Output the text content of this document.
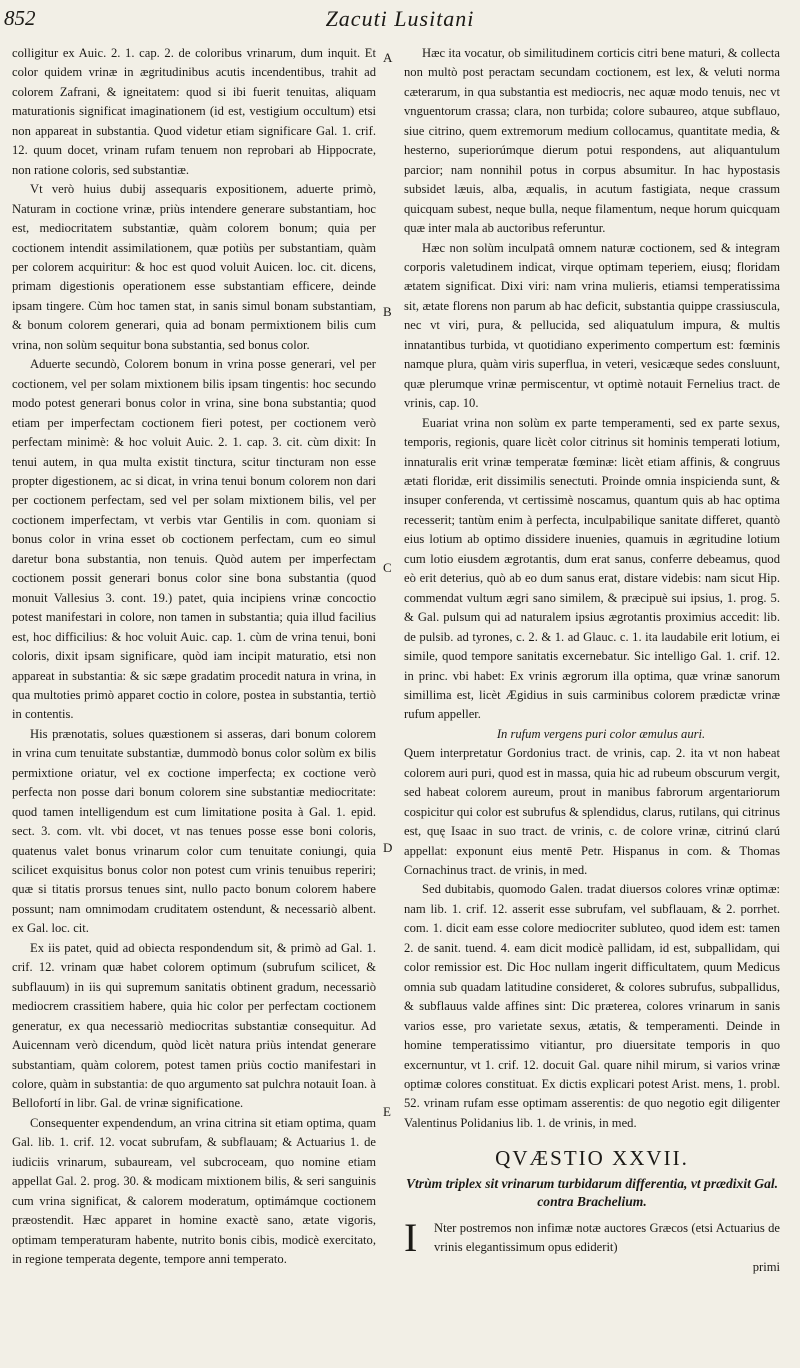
852	Zacuti Lusitani
A
B
C
D
E

colligitur ex Auic. 2. 1. cap. 2. de coloribus vrinarum, dum inquit. Et color quidem vrinæ in ægritudinibus acutis incendentibus, trahit ad colorem Zafrani, & igneitatem: quod si ibi fuerit tenuitas, aliquam maturationis significat imaginationem (id est, vestigium occultum) etsi non appareat in substantia. Quod videtur etiam significare Gal. 1. crif. 12. quum docet, vrinam rufam tenuem non reprobari ab Hippocrate, non ratione coloris, sed substantiæ.

Vt verò huius dubij assequaris expositionem, aduerte primò, Naturam in coctione vrinæ, priùs intendere generare substantiam, hoc est, mediocritatem substantiæ, quàm colorem bonum; quia per coctionem intendit assimilationem, quæ potiùs per substantiam, quàm per colorem acquiritur: & hoc est quod voluit Auicen. loc. cit. dicens, primam digestionis operationem esse substantiam efficere, deinde ipsam tingere. Cùm hoc tamen stat, in sanis simul bonam substantiam, & bonum colorem generari, quia ad bonam permixtionem bilis cum vrina, non solùm sequitur bona substantia, sed bonus color.

Aduerte secundò, Colorem bonum in vrina posse generari, vel per coctionem, vel per solam mixtionem bilis ipsam tingentis: hoc secundo modo potest generari bonus color in vrina, sine bona substantia; quod etiam per imperfectam coctionem fieri potest, per coctionem verò perfectam minimè: & hoc voluit Auic. 2. 1. cap. 3. cit. cùm dixit: In tenui autem, in qua multa existit tinctura, scitur tincturam non esse propter digestionem, ac si dicat, in vrina tenui bonum colorem non dari per coctionem perfectam, sed vel per solam mixtionem bilis, vel per coctionem imperfectam, vt verbis vtar Gentilis in com. quoniam si bonus color in vrina esset ob coctionem perfectam, cum eo simul daretur bona substantia, non tenuis. Quòd autem per imperfectam coctionem possit generari bonus color sine bona substantia (quod monuit Vallesius 3. cont. 19.) patet, quia incipiens vrinæ concoctio potest manifestari in colore, non tamen in substantia; quia illud facilius est, hoc difficilius: & hoc voluit Auic. cap. 1. cùm de vrina tenui, boni coloris, dixit ipsam significare, quòd iam incipit maturatio, etsi non appareat in substantia: & sic sæpe gradatim procedit natura in vrina, in qua multoties primò apparet coctio in colore, postea in substantia, tertiò in contentis.

His prænotatis, solues quæstionem si asseras, dari bonum colorem in vrina cum tenuitate substantiæ, dummodò bonus color solùm ex bilis permixtione oriatur, vel ex coctione imperfecta; ex coctione verò perfecta non posse dari bonum colorem sine substantiæ mediocritate: quod tamen intelligendum est cum limitatione posita à Gal. 1. epid. sect. 3. com. vlt. vbi docet, vt nas tenues posse esse boni coloris, quatenus valet bonus vrinarum color cum tenuitate coniungi, quia scilicet exquisitus bonus color non potest cum vrinis tenuibus reperiri; quæ si titatis prorsus tenues sint, nullo pacto bonum colorem habere possunt; nam omnimodam cruditatem ostendunt, & necessariò albent. ex Gal. loc. cit.

Ex iis patet, quid ad obiecta respondendum sit, & primò ad Gal. 1. crif. 12. vrinam quæ habet colorem optimum (subrufum scilicet, & subflauum) in iis qui supremum sanitatis obtinent gradum, necessariò mediocrem crassitiem habere, quia hic color per perfectam coctionem generatur, ex qua necessariò mediocritas substantiæ consequitur. Ad Auicennam verò dicendum, quòd licèt natura priùs intendat generare substantiam, quàm colorem, potest tamen priùs coctio manifestari in colore, quàm in substantia: de quo argumento sat pulchra notauit Ioan. à Bellofortí in libr. Gal. de vrinæ significatione.

Consequenter expendendum, an vrina citrina sit etiam optima, quam Gal. lib. 1. crif. 12. vocat subrufam, & subflauam; & Actuarius 1. de iudiciis vrinarum, subauream, vel subcroceam, quo nomine etiam appellat Gal. 2. prog. 30. & modicam mixtionem bilis, & seri sanguinis cum vrina significat, & calorem moderatum, optimámque coctionem præostendit. Hæc apparet in homine exactè sano, ætate vigoris, optimam temperaturam habente, nutrito bonis cibis, modicè exercitato, in regione temperata degente, tempore anni temperato.

Hæc ita vocatur, ob similitudinem corticis citri bene maturi, & collecta non multò post peractam secundam coctionem, est lex, & veluti norma cæterarum, in qua substantia est mediocris, nec aquæ modo tenuis, nec vt vnguentorum crassa; clara, non turbida; colore subaureo, atque subflauo, siue citrino, quem extremorum medium collocamus, quantitate media, & hesterno, superiorúmque dierum potui respondens, aut aliquantulum parcior; nam nonnihil potus in corpus absumitur. In hac hypostasis subsidet læuis, alba, æqualis, in acutum fastigiata, neque crassum quicquam subest, neque bulla, neque filamentum, neque horum quicquam quæ inter mala ab auctoribus referuntur.

Hæc non solùm inculpatâ omnem naturæ coctionem, sed & integram corporis valetudinem indicat, virque optimam teperiem, eiusq; floridam ætatem significat. Dixi viri: nam vrina mulieris, etiamsi temperatissima sit, ætate florens non parum ab hac deficit, substantia quippe crassiuscula, nec vt viri, pura, & pellucida, sed aliquatulum impura, & multis innatantibus turbida, vt quotidiano experimento compertum est: fœminis namque plura, quàm viris superflua, in veteri, vesicæque sedes consluunt, quæ plerumque vrinæ permiscentur, vt optimè notauit Fernelius tract. de vrinis, cap. 10.

Euariat vrina non solùm ex parte temperamenti, sed ex parte sexus, temporis, regionis, quare licèt color citrinus sit hominis temperati lotium, innaturalis erit vrinæ temperatæ fœminæ: licèt etiam affinis, & congruus ætati floridæ, erit dissimilis senectuti. Proinde omnia inspicienda sunt, & insuper conferenda, vt certissimè noscamus, quantum quis ab hac optima recesserit; tantùm enim à perfecta, inculpabilique sanitate differet, quantò eius lotium ab optimo dissidere inuenies, quamuis in ægritudine lotium cum lotio eiusdem ægrotantis, dum erat sanus, conferre debeamus, quod eò erit deterius, quò ab eo dum sanus erat, distare videbis: nam sicut Hip. commendat vultum ægri sano similem, & præcipuè sui ipsius, 1. prog. 5. & Gal. pulsum qui ad naturalem ipsius ægrotantis proximius accedit: lib. de pulsib. ad tyrones, c. 2. & 1. ad Glauc. c. 1. ita laudabile erit lotium, ei simile, quod tempore sanitatis excernebatur. Sic intelligo Gal. 1. crif. 12. in princ. vbi habet: Ex vrinis ægrorum illa optima, quæ vrinæ sanorum simillima est, licèt Ægidius in suis carminibus colorem prædictæ vrinæ rufum appeller.

In rufum vergens puri color æmulus auri.

Quem interpretatur Gordonius tract. de vrinis, cap. 2. ita vt non habeat colorem auri puri, quod est in massa, quia hic ad rubeum obscurum vergit, sed habeat colorem aureum, prout in manibus fabrorum argentariorum cospicitur qui color est subrufus & splendidus, clarus, rutilans, qui citrinus est, quę Isaac in suo tract. de vrinis, c. de colore vrinæ, citrinú clarú appellat: exponunt eius mentē Petr. Hispanus in com. & Thomas Cornachinus tract. de vrinis, in med.

Sed dubitabis, quomodo Galen. tradat diuersos colores vrinæ optimæ: nam lib. 1. crif. 12. asserit esse subrufam, vel subflauam, & 2. porrhet. com. 1. dicit eam esse colore mediocriter subluteo, quod idem est: tamen 2. de sanit. tuend. 4. eam dicit modicè pallidam, id est, subpallidam, qui color remissior est. Dic Hoc nullam ingerit difficultatem, quum Medicus omnia sub quadam latitudine consideret, & colores subrufus, subpallidus, & subflauus valde affines sint: Dic præterea, colores vrinarum in sanis varios esse, pro varietate sexus, ætatis, & temperamenti. Deinde in homine temperatissimo vitiantur, pro diuersitate temporis in quo excernuntur, vt 1. crif. 12. docuit Gal. quare nihil mirum, si varios vrinæ optimæ colores constituat. Ex dictis explicari potest Arist. mens, 1. probl. 52. vrinam rufam esse optimam asserentis: de quo negotio egit diligenter Valentinus Polidanius lib. 1. de vrinis, in med.

QVÆSTIO XXVII.
Vtrùm triplex sit vrinarum turbidarum differentia, vt prædixit Gal. contra Brachelium.

I Nter postremos non infimæ notæ auctores Græcos (etsi Actuarius de vrinis elegantissimum opus ediderit)

primi
